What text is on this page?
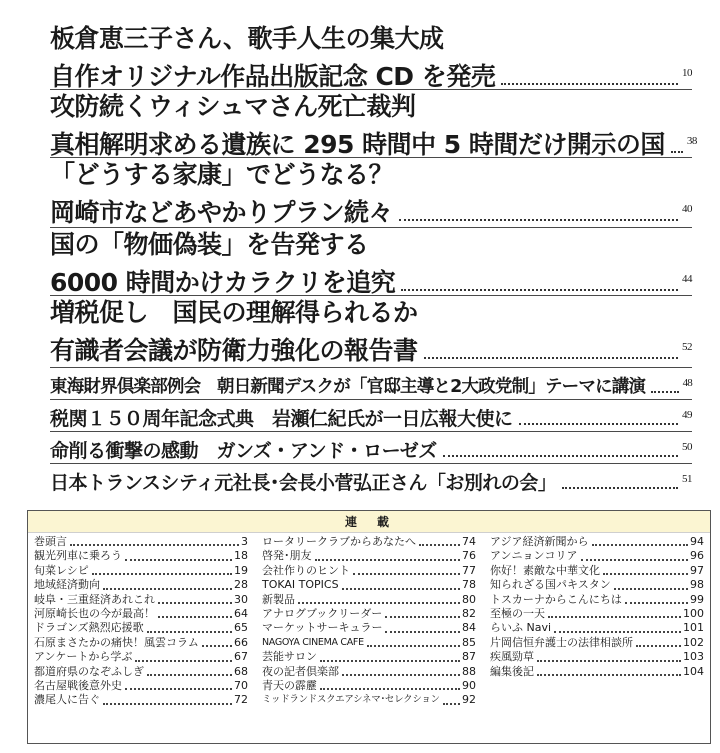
板倉恵三子さん、歌手人生の集大成
自作オリジナル作品出版記念 CD を発売	10
攻防続くウィシュマさん死亡裁判
真相解明求める遺族に 295 時間中 5 時間だけ開示の国 38
「どうする家康」でどうなる？
岡崎市などあやかりプラン続々	40
国の「物価偽装」を告発する
6000 時間かけカラクリを追究	44
増税促し　国民の理解得られるか
有識者会議が防衛力強化の報告書	52
東海財界倶楽部例会　朝日新聞デスクが「官邸主導と2大政党制」テーマに講演	48
税関１５０周年記念式典　岩瀬仁紀氏が一日広報大使に	49
命削る衝撃の感動　ガンズ・アンド・ローゼズ	50
日本トランスシティ元社長･会長小菅弘正さん「お別れの会」	51
連　載
巻頭言	3
観光列車に乗ろう	18
旬菜レシピ	19
地域経済動向	28
岐阜・三重経済あれこれ	30
河原崎长也の今が最高！	64
ドラゴンズ熱烈応援歌	65
石原まさたかの痛快！風雲コラム	66
アンケートから学ぶ	67
都道府県のなぞふしぎ	68
名古屋戦後意外史	70
濃尾人に告ぐ	72
ロータリークラブからあなたへ	74
啓発･朋友	76
会社作りのヒント	77
TOKAI TOPICS	78
新製品	80
アナログブックリーダー	82
マーケットサーキュラー	84
NAGOYA CINEMA CAFE	85
芸能サロン	87
夜の記者倶楽部	88
青天の霹靂	90
ミッドランドスクエアシネマ･セレクション 92
アジア経済新聞から	94
アンニョンコリア	96
你好！素敵な中華文化	97
知られざる国パキスタン	98
トスカーナからこんにちは	99
至極の一天	100
らいふ Navi	101
片岡信恒弁護士の法律相談所	102
疾風勁草	103
編集後記	104
